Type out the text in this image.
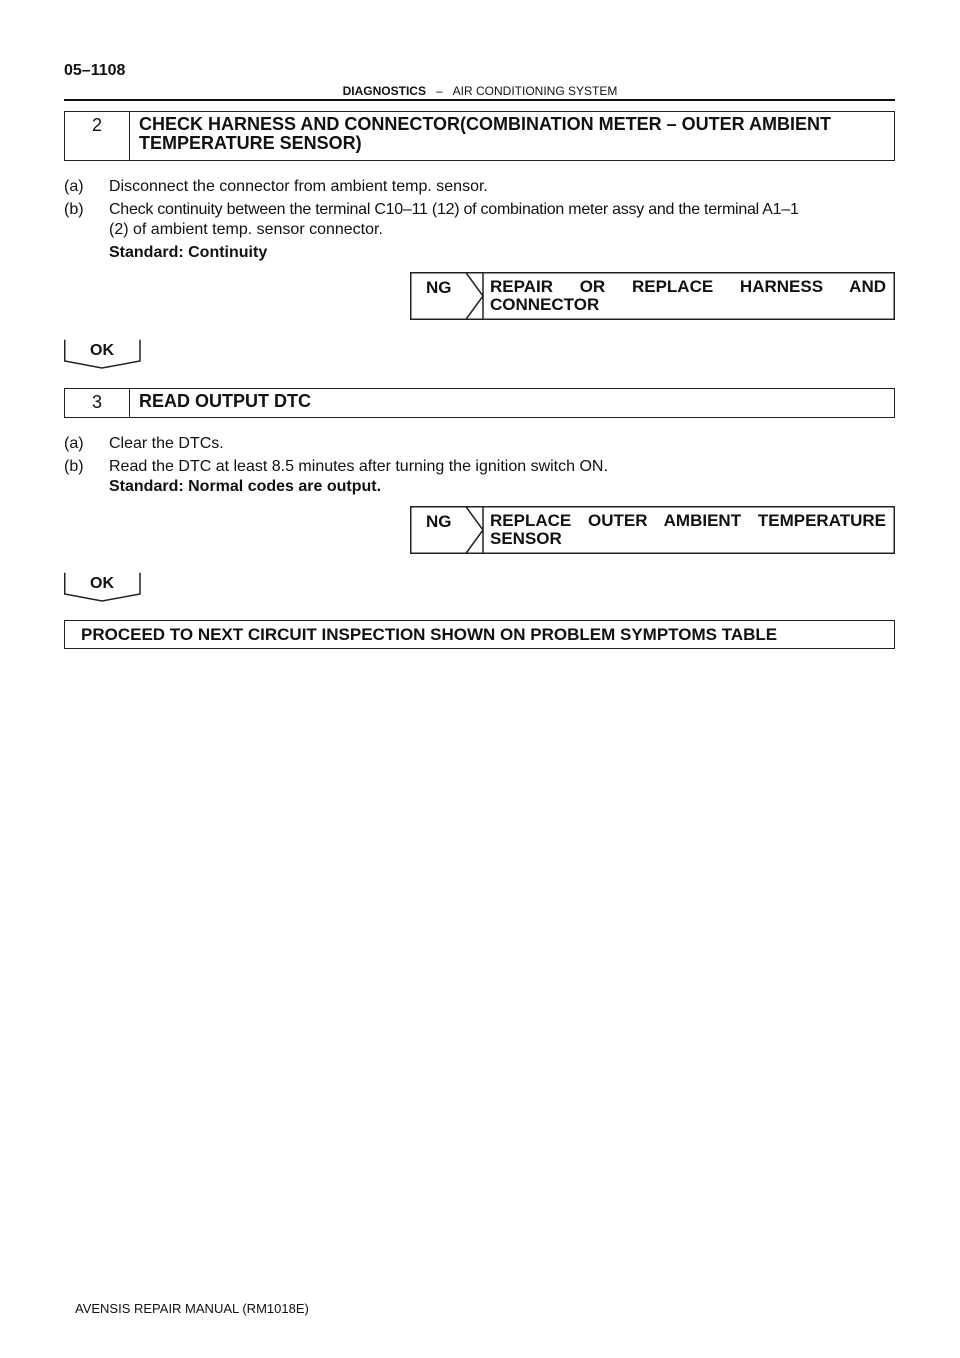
05–1108
DIAGNOSTICS – AIR CONDITIONING SYSTEM
2	CHECK HARNESS AND CONNECTOR(COMBINATION METER – OUTER AMBIENT
TEMPERATURE SENSOR)
(a)	Disconnect the connector from ambient temp. sensor.
(b)	Check continuity between the terminal C10–11 (12) of combination meter assy and the terminal A1–1
(2) of ambient temp. sensor connector.
Standard: Continuity
NG REPAIR OR REPLACE HARNESS AND
CONNECTOR
OK
3	READ OUTPUT DTC
(a)	Clear the DTCs.
(b)	Read the DTC at least 8.5 minutes after turning the ignition switch ON.
Standard: Normal codes are output.
NG REPLACE OUTER AMBIENT TEMPERATURE
SENSOR
OK
PROCEED TO NEXT CIRCUIT INSPECTION SHOWN ON PROBLEM SYMPTOMS TABLE
AVENSIS REPAIR MANUAL (RM1018E)
